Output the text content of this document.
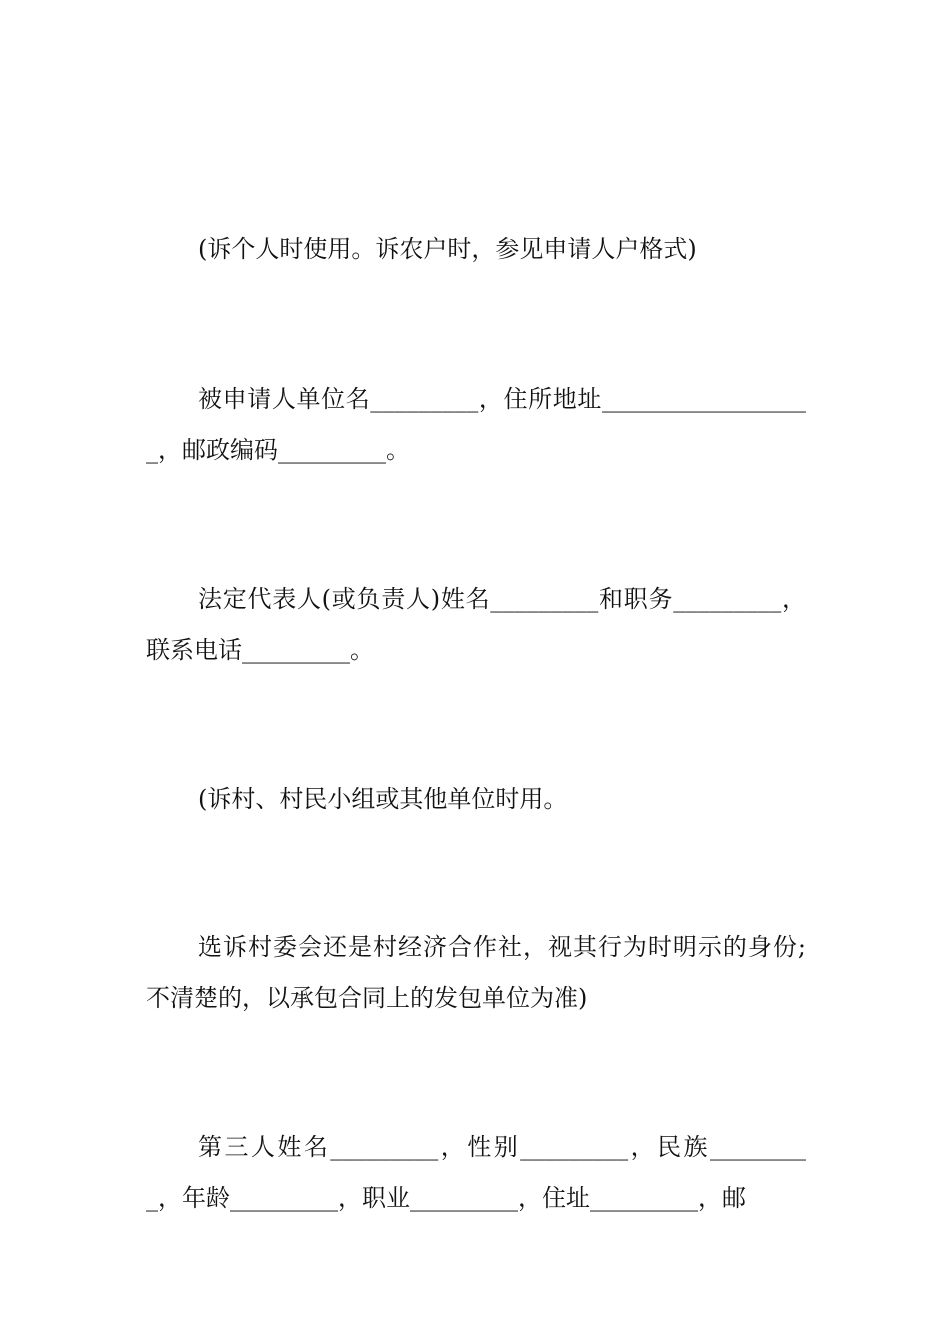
(诉个人时使用。诉农户时，参见申请人户格式)

被申请人单位名_________，住所地址__________________，邮政编码_________。

法定代表人(或负责人)姓名_________和职务_________，联系电话_________。

(诉村、村民小组或其他单位时用。

选诉村委会还是村经济合作社，视其行为时明示的身份;不清楚的，以承包合同上的发包单位为准)

第三人姓名_________，性别_________，民族_________，年龄_________，职业_________，住址_________，邮
